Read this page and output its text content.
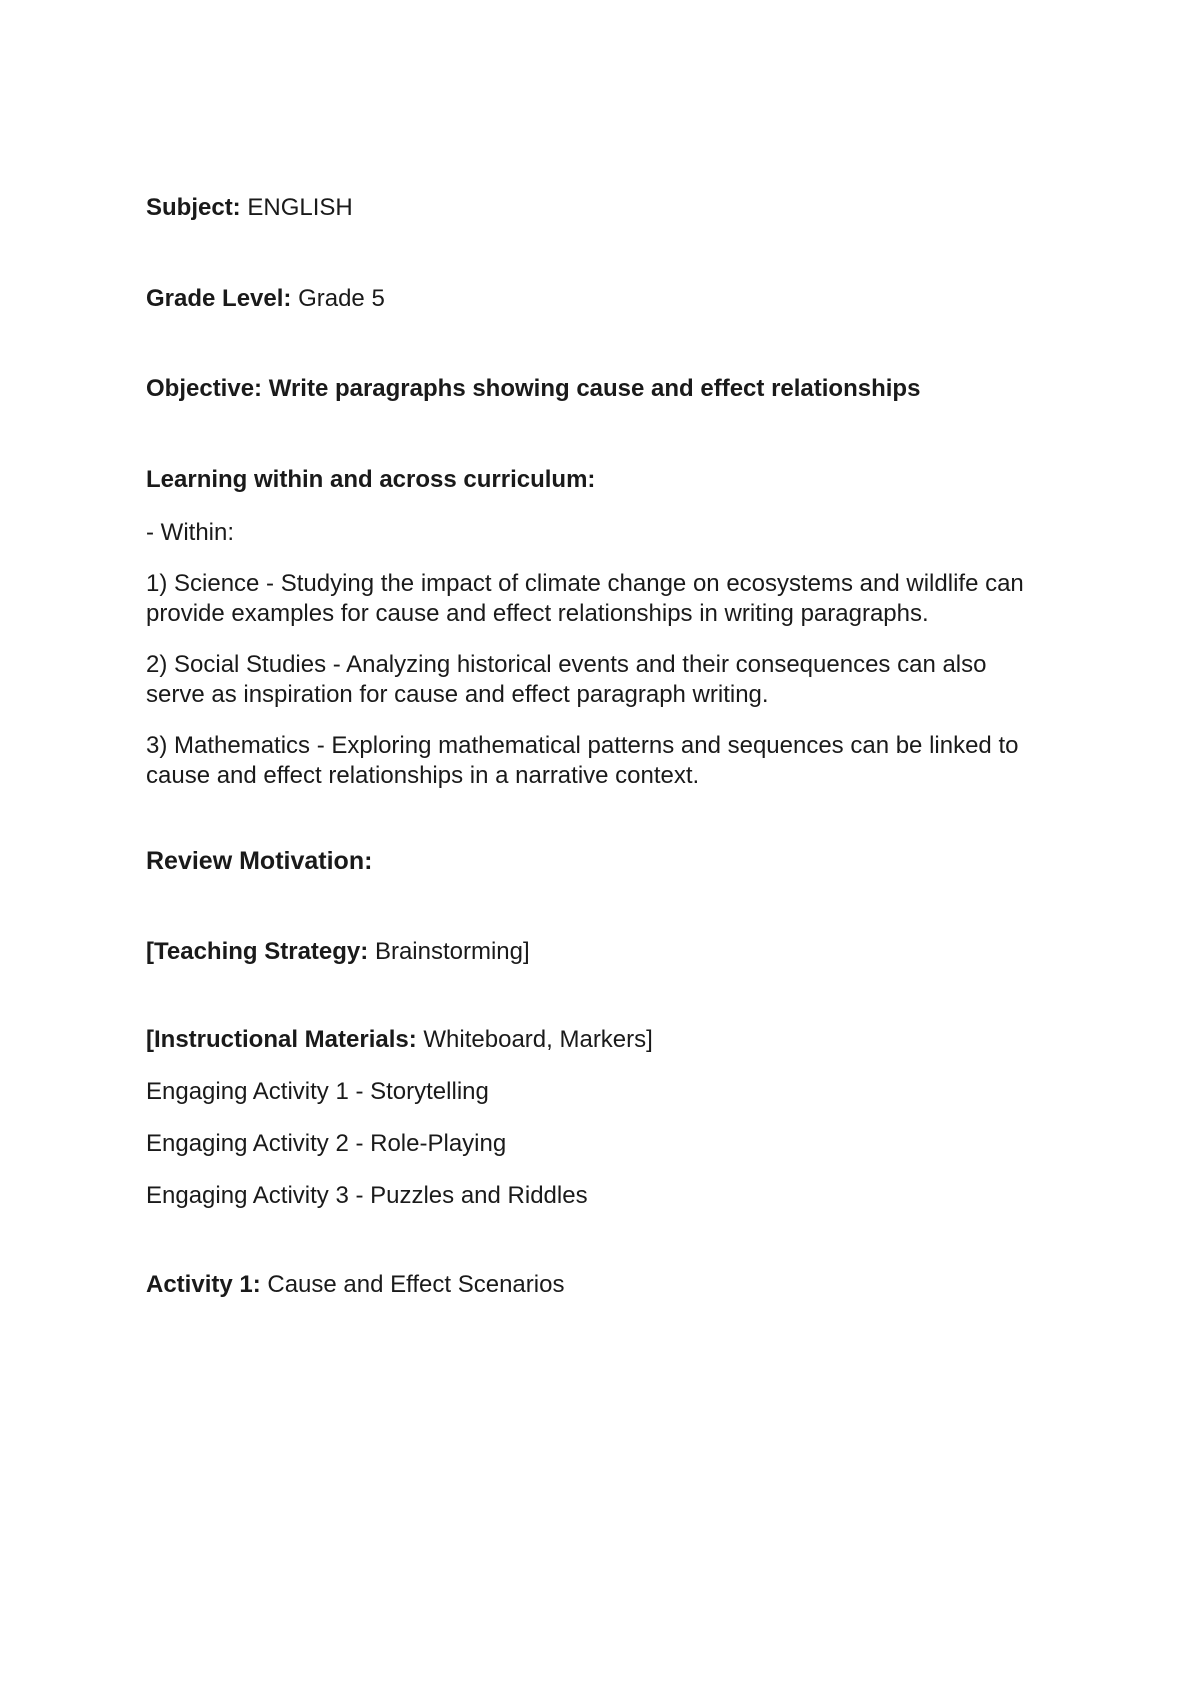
Subject: ENGLISH
Grade Level: Grade 5
Objective: Write paragraphs showing cause and effect relationships
Learning within and across curriculum:
- Within:
1) Science - Studying the impact of climate change on ecosystems and wildlife can provide examples for cause and effect relationships in writing paragraphs.
2) Social Studies - Analyzing historical events and their consequences can also serve as inspiration for cause and effect paragraph writing.
3) Mathematics - Exploring mathematical patterns and sequences can be linked to cause and effect relationships in a narrative context.
Review Motivation:
[Teaching Strategy: Brainstorming]
[Instructional Materials: Whiteboard, Markers]
Engaging Activity 1 - Storytelling
Engaging Activity 2 - Role-Playing
Engaging Activity 3 - Puzzles and Riddles
Activity 1: Cause and Effect Scenarios
